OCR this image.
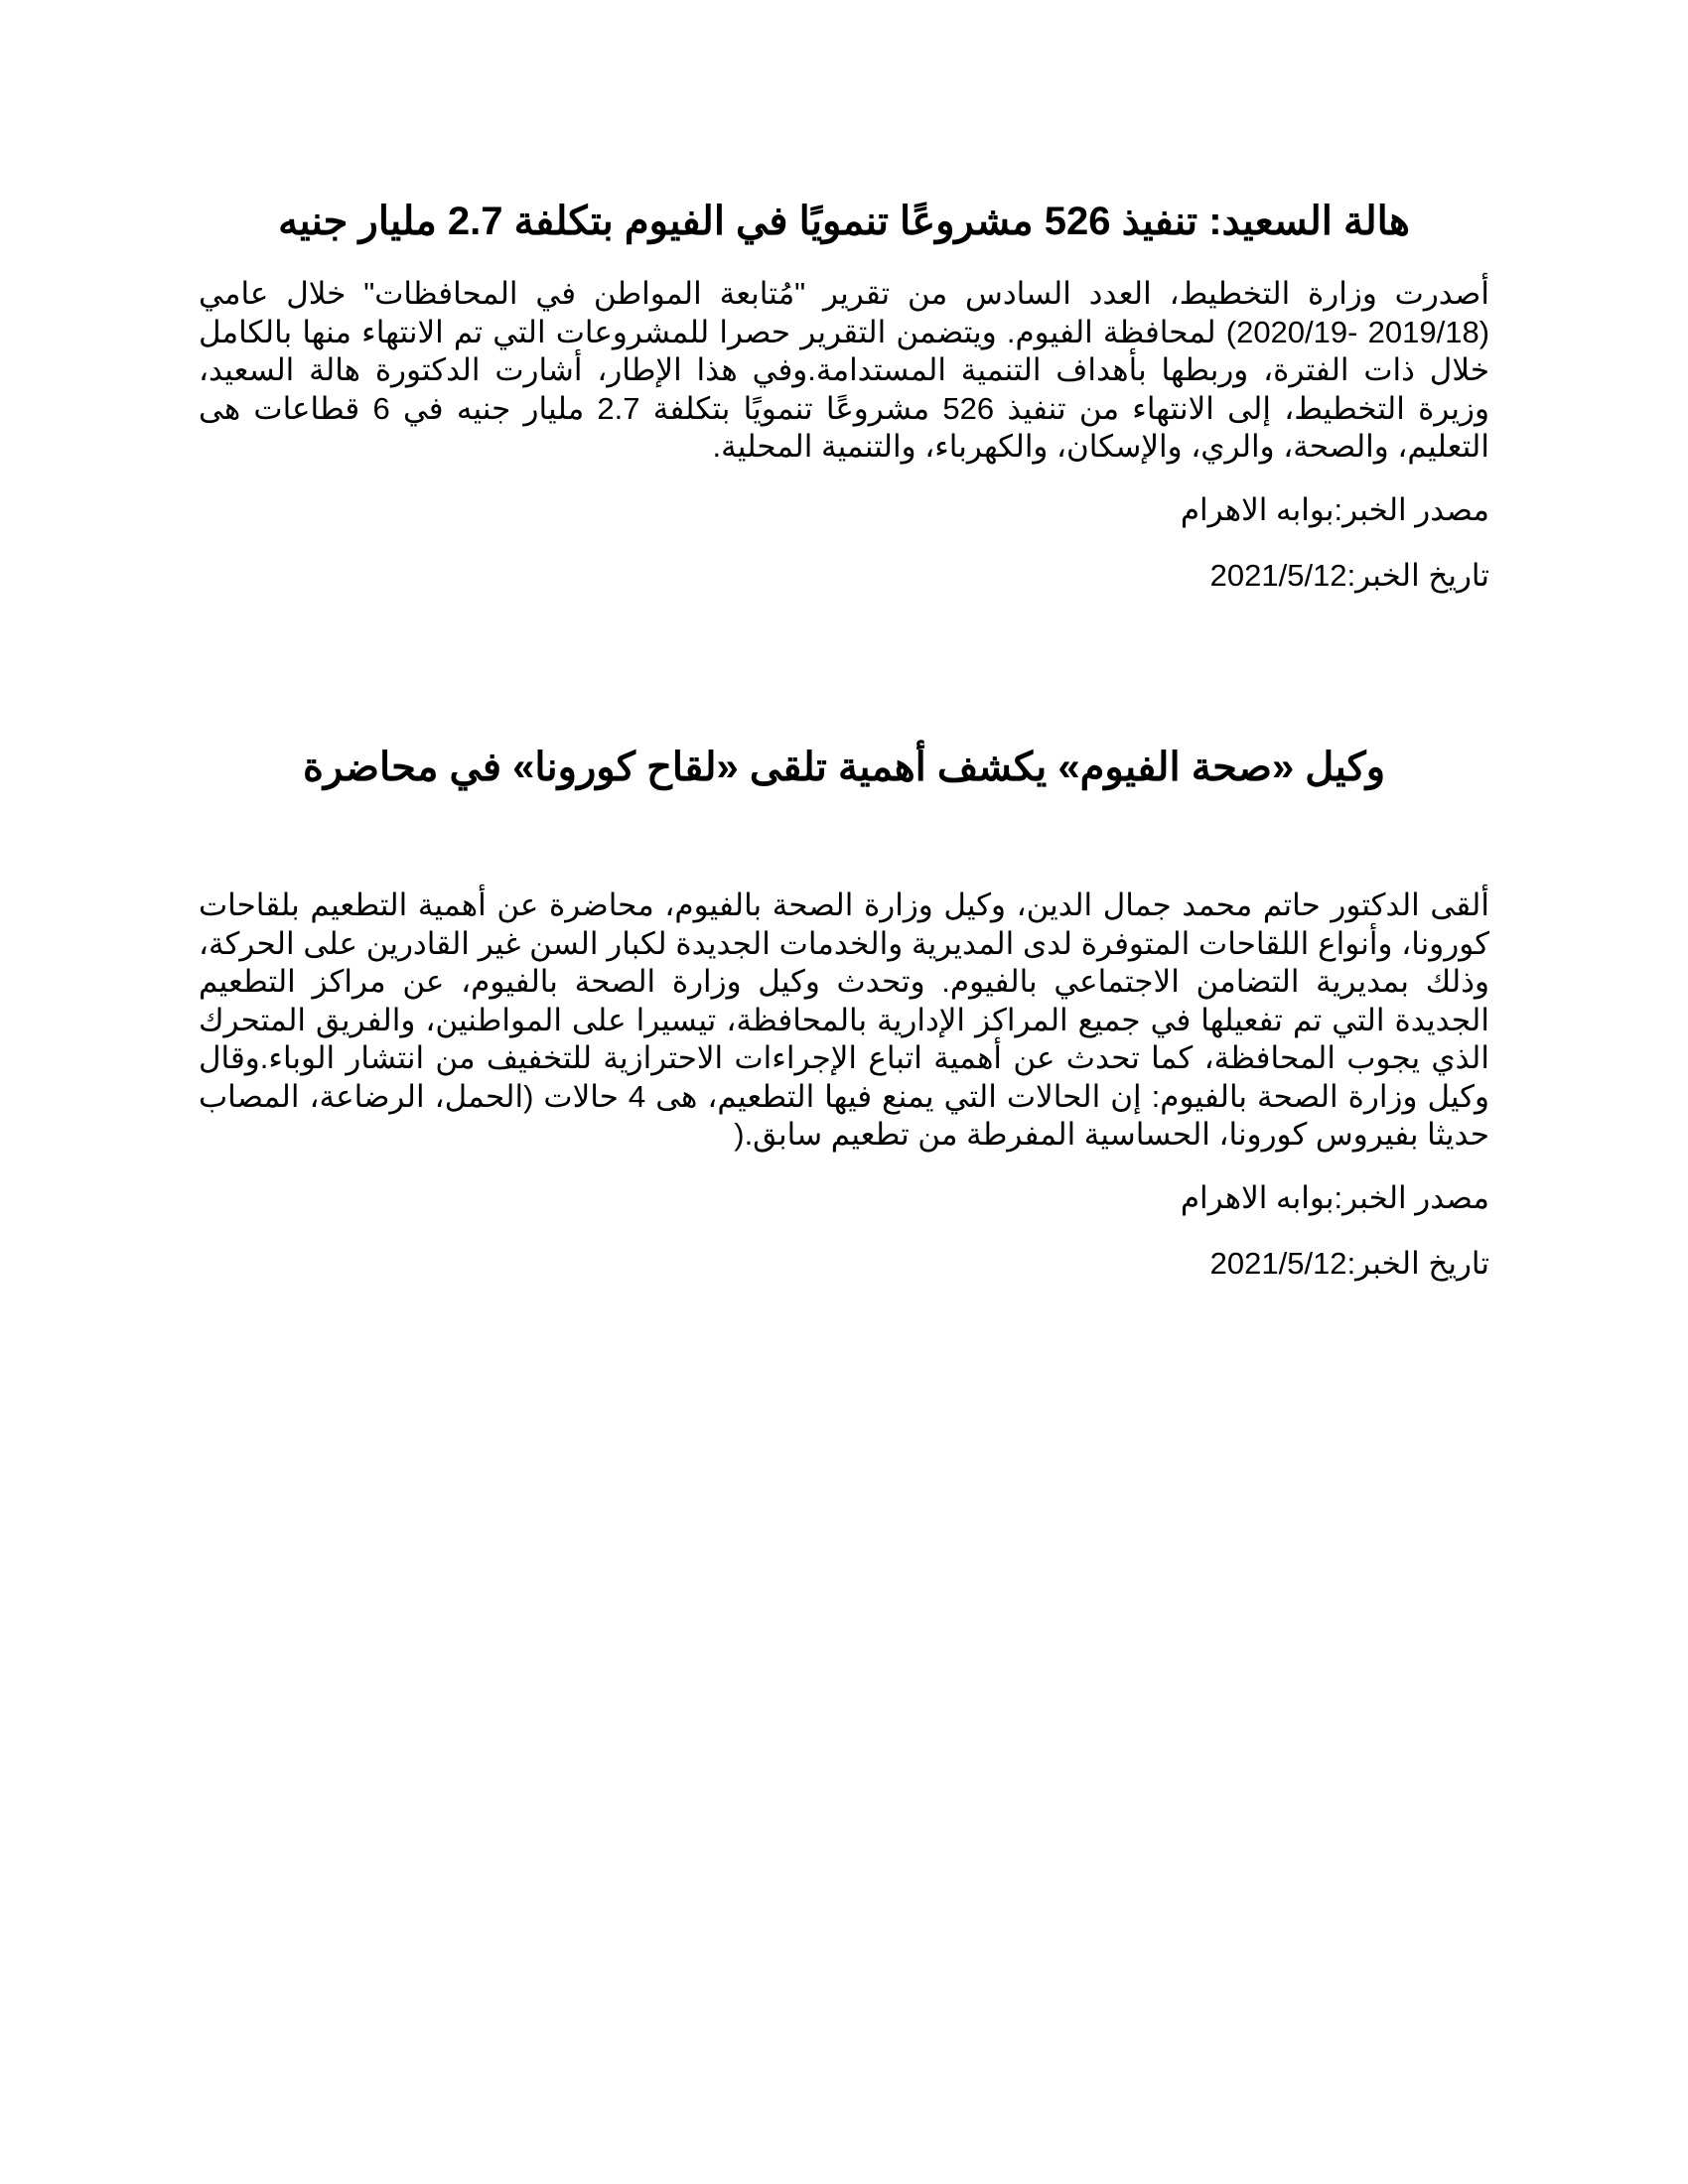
هالة السعيد: تنفيذ 526 مشروعًا تنمويًا في الفيوم بتكلفة 2.7 مليار جنيه

أصدرت وزارة التخطيط، العدد السادس من تقرير "مُتابعة المواطن في المحافظات" خلال عامي (2019/18 -2020/19) لمحافظة الفيوم. ويتضمن التقرير حصرا للمشروعات التي تم الانتهاء منها بالكامل خلال ذات الفترة، وربطها بأهداف التنمية المستدامة.وفي هذا الإطار، أشارت الدكتورة هالة السعيد، وزيرة التخطيط، إلى الانتهاء من تنفيذ 526 مشروعًا تنمويًا بتكلفة 2.7 مليار جنيه في 6 قطاعات هى التعليم، والصحة، والري، والإسكان، والكهرباء، والتنمية المحلية.

مصدر الخبر:بوابه الاهرام

تاريخ الخبر:2021/5/12

وكيل «صحة الفيوم» يكشف أهمية تلقى «لقاح كورونا» في محاضرة

ألقى الدكتور حاتم محمد جمال الدين، وكيل وزارة الصحة بالفيوم، محاضرة عن أهمية التطعيم بلقاحات كورونا، وأنواع اللقاحات المتوفرة لدى المديرية والخدمات الجديدة لكبار السن غير القادرين على الحركة، وذلك بمديرية التضامن الاجتماعي بالفيوم. وتحدث وكيل وزارة الصحة بالفيوم، عن مراكز التطعيم الجديدة التي تم تفعيلها في جميع المراكز الإدارية بالمحافظة، تيسيرا على المواطنين، والفريق المتحرك الذي يجوب المحافظة، كما تحدث عن أهمية اتباع الإجراءات الاحترازية للتخفيف من انتشار الوباء.وقال وكيل وزارة الصحة بالفيوم: إن الحالات التي يمنع فيها التطعيم، هى 4 حالات (الحمل، الرضاعة، المصاب حديثا بفيروس كورونا، الحساسية المفرطة من تطعيم سابق.(

مصدر الخبر:بوابه الاهرام

تاريخ الخبر:2021/5/12
